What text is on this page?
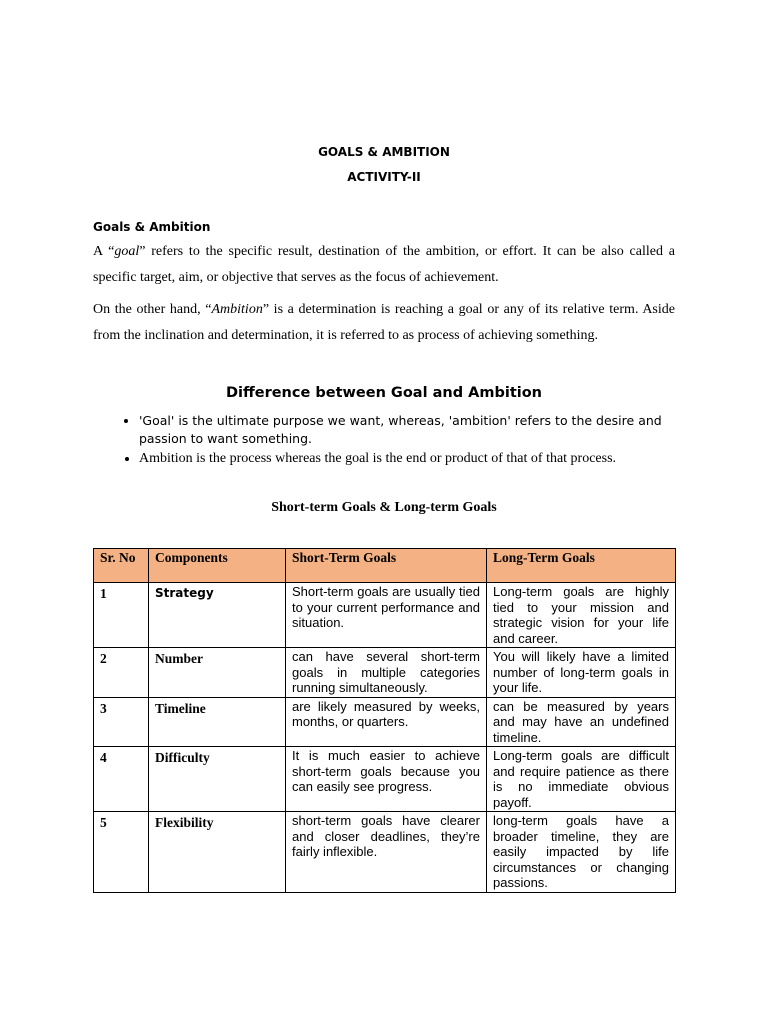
GOALS & AMBITION
ACTIVITY-II
Goals & Ambition
A “goal” refers to the specific result, destination of the ambition, or effort. It can be also called a specific target, aim, or objective that serves as the focus of achievement.
On the other hand, “Ambition” is a determination is reaching a goal or any of its relative term. Aside from the inclination and determination, it is referred to as process of achieving something.
Difference between Goal and Ambition
• 'Goal' is the ultimate purpose we want, whereas, 'ambition' refers to the desire and passion to want something.
• Ambition is the process whereas the goal is the end or product of that of that process.
Short-term Goals & Long-term Goals
Sr. No	Components	Short-Term Goals	Long-Term Goals
1	Strategy	Short-term goals are usually tied to your current performance and situation.	Long-term goals are highly tied to your mission and strategic vision for your life and career.
2	Number	can have several short-term goals in multiple categories running simultaneously.	You will likely have a limited number of long-term goals in your life.
3	Timeline	are likely measured by weeks, months, or quarters.	can be measured by years and may have an undefined timeline.
4	Difficulty	It is much easier to achieve short-term goals because you can easily see progress.	Long-term goals are difficult and require patience as there is no immediate obvious payoff.
5	Flexibility	short-term goals have clearer and closer deadlines, they’re fairly inflexible.	long-term goals have a broader timeline, they are easily impacted by life circumstances or changing passions.
